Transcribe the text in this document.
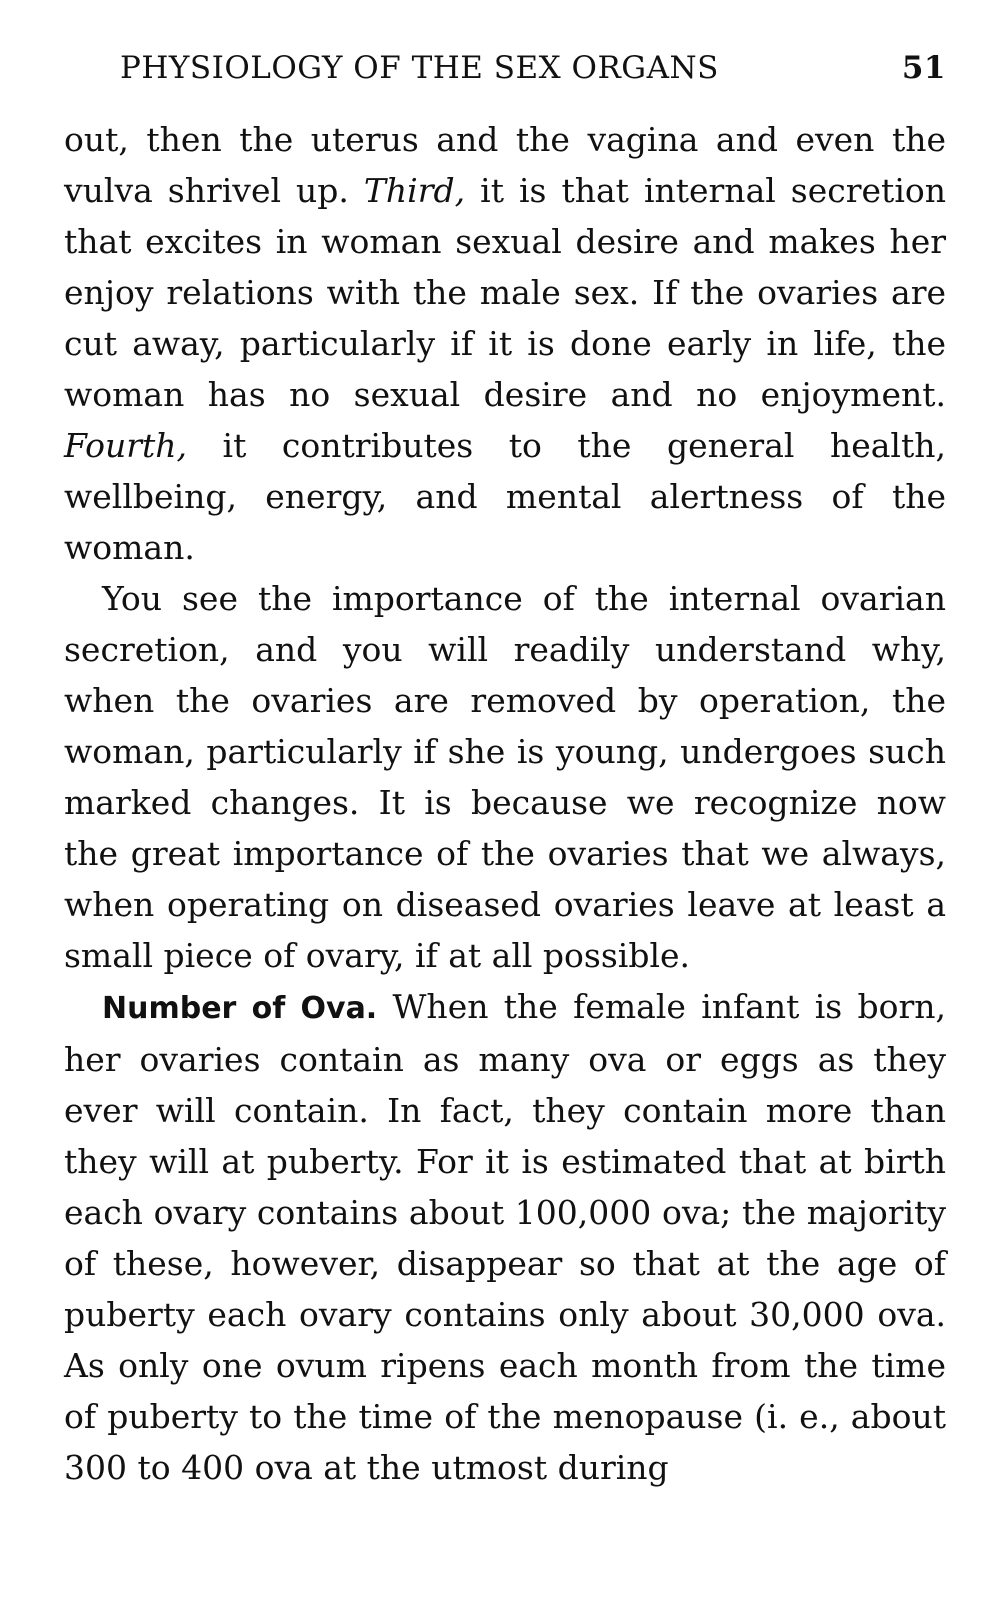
PHYSIOLOGY OF THE SEX ORGANS	51

out, then the uterus and the vagina and even the vulva shrivel up. Third, it is that internal secretion that excites in woman sexual desire and makes her enjoy relations with the male sex. If the ovaries are cut away, particularly if it is done early in life, the woman has no sexual desire and no enjoyment. Fourth, it contributes to the general health, wellbeing, energy, and mental alertness of the woman.

You see the importance of the internal ovarian secretion, and you will readily understand why, when the ovaries are removed by operation, the woman, particularly if she is young, undergoes such marked changes. It is because we recognize now the great importance of the ovaries that we always, when operating on diseased ovaries leave at least a small piece of ovary, if at all possible.

Number of Ova. When the female infant is born, her ovaries contain as many ova or eggs as they ever will contain. In fact, they contain more than they will at puberty. For it is estimated that at birth each ovary contains about 100,000 ova; the majority of these, however, disappear so that at the age of puberty each ovary contains only about 30,000 ova. As only one ovum ripens each month from the time of puberty to the time of the menopause (i. e., about 300 to 400 ova at the utmost during
